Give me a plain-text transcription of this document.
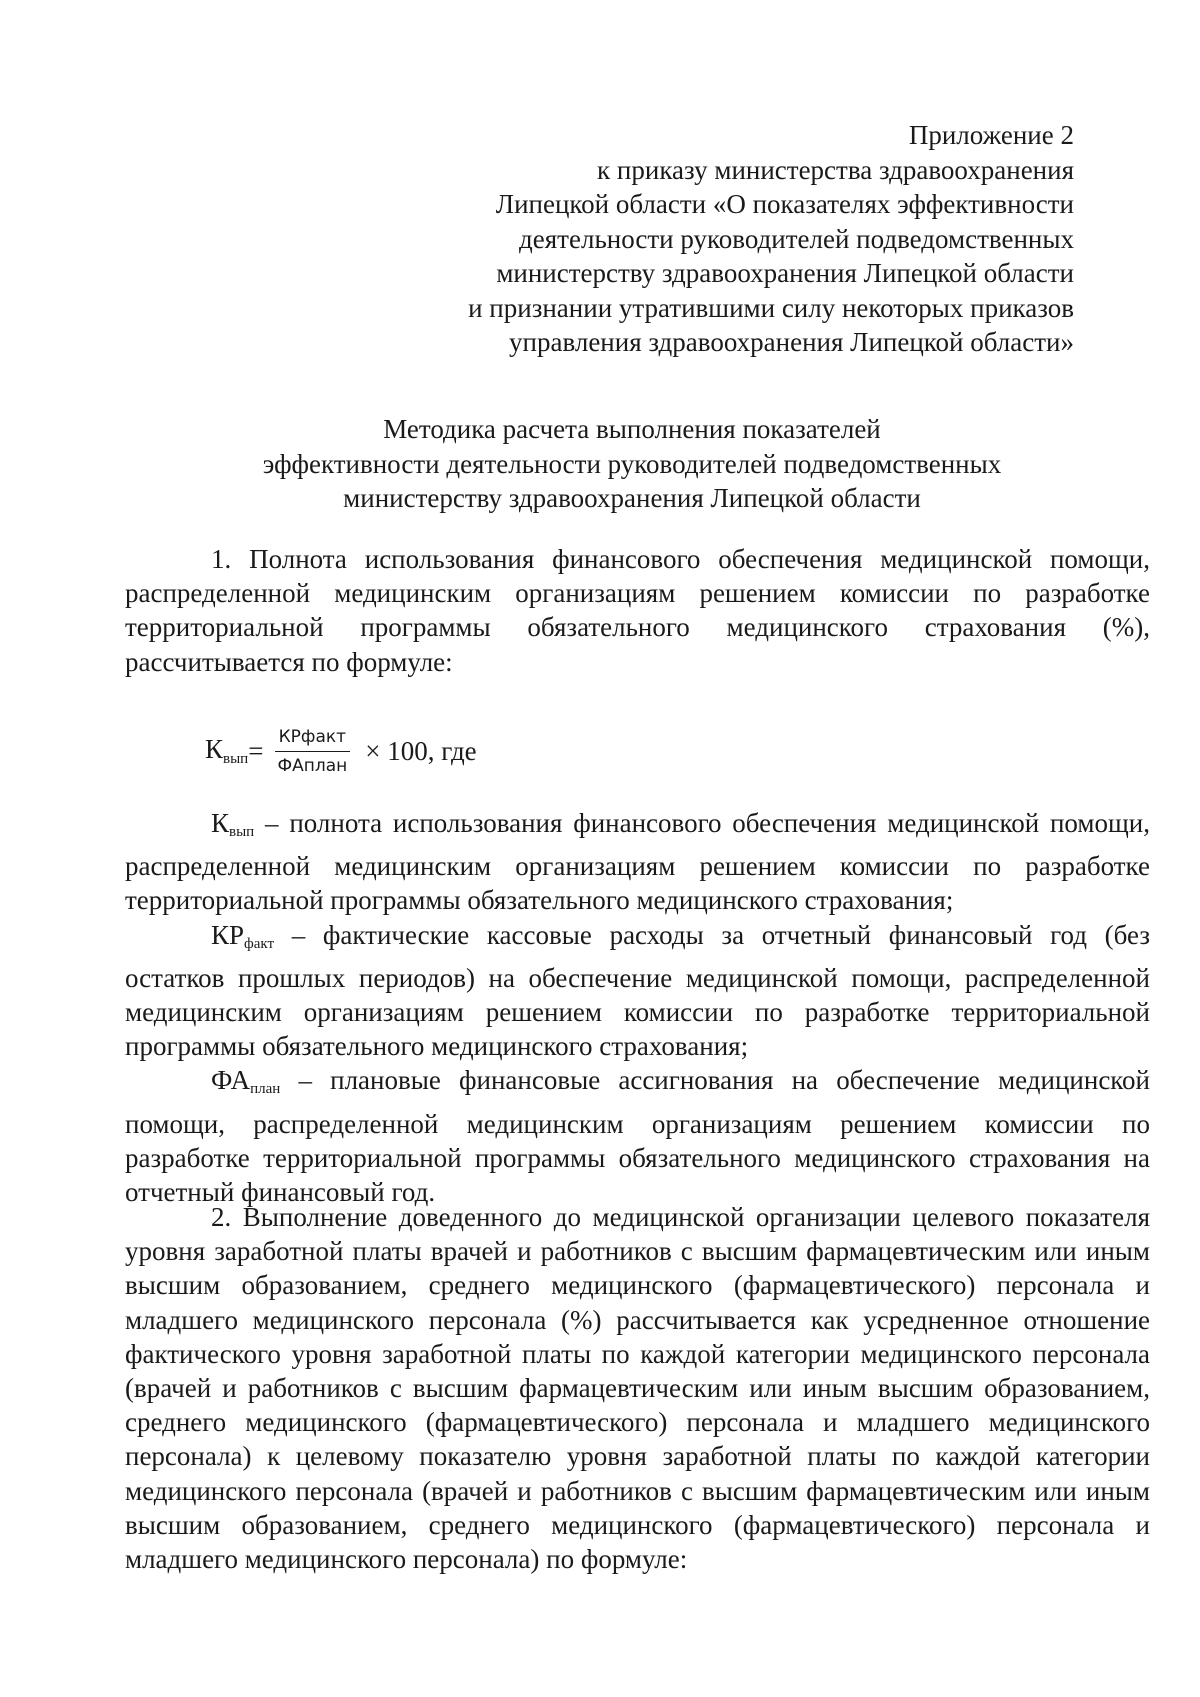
Приложение 2
к приказу министерства здравоохранения
Липецкой области «О показателях эффективности
деятельности руководителей подведомственных
министерству здравоохранения Липецкой области
и признании утратившими силу некоторых приказов
управления здравоохранения Липецкой области»
Методика расчета выполнения показателей
эффективности деятельности руководителей подведомственных
министерству здравоохранения Липецкой области

1. Полнота использования финансового обеспечения медицинской помощи, распределенной медицинским организациям решением комиссии по разработке территориальной программы обязательного медицинского страхования (%), рассчитывается по формуле:

$К_{вып} = \frac{\text{КРфакт}}{\text{ФАплан}} \times 100$, где

$К_{вып}$ – полнота использования финансового обеспечения медицинской помощи, распределенной медицинским организациям решением комиссии по разработке территориальной программы обязательного медицинского страхования;

$КР_{факт}$ – фактические кассовые расходы за отчетный финансовый год (без остатков прошлых периодов) на обеспечение медицинской помощи, распределенной медицинским организациям решением комиссии по разработке территориальной программы обязательного медицинского страхования;

$ФА_{план}$ – плановые финансовые ассигнования на обеспечение медицинской помощи, распределенной медицинским организациям решением комиссии по разработке территориальной программы обязательного медицинского страхования на отчетный финансовый год.

2. Выполнение доведенного до медицинской организации целевого показателя уровня заработной платы врачей и работников с высшим фармацевтическим или иным высшим образованием, среднего медицинского (фармацевтического) персонала и младшего медицинского персонала (%) рассчитывается как усредненное отношение фактического уровня заработной платы по каждой категории медицинского персонала (врачей и работников с высшим фармацевтическим или иным высшим образованием, среднего медицинского (фармацевтического) персонала и младшего медицинского персонала) к целевому показателю уровня заработной платы по каждой категории медицинского персонала (врачей и работников с высшим фармацевтическим или иным высшим образованием, среднего медицинского (фармацевтического) персонала и младшего медицинского персонала) по формуле:
